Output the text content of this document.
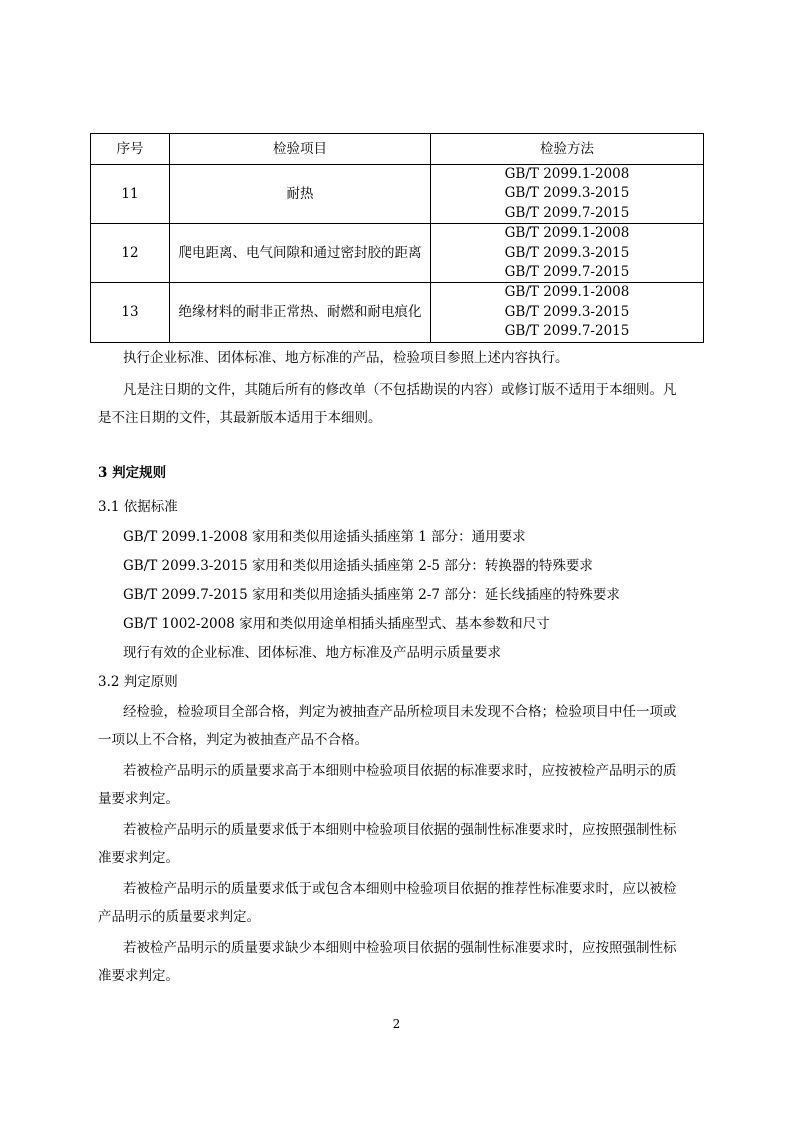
序号	检验项目	检验方法
11	耐热	GB/T 2099.1-2008
GB/T 2099.3-2015
GB/T 2099.7-2015

12	爬电距离、电气间隙和通过密封胶的距离	GB/T 2099.1-2008
GB/T 2099.3-2015
GB/T 2099.7-2015

13	绝缘材料的耐非正常热、耐燃和耐电痕化	GB/T 2099.1-2008
GB/T 2099.3-2015
GB/T 2099.7-2015
执行企业标准、团体标准、地方标准的产品，检验项目参照上述内容执行。
凡是注日期的文件，其随后所有的修改单（不包括勘误的内容）或修订版不适用于本细则。凡
是不注日期的文件，其最新版本适用于本细则。
3 判定规则
3.1 依据标准
GB/T 2099.1-2008 家用和类似用途插头插座第 1 部分：通用要求
GB/T 2099.3-2015 家用和类似用途插头插座第 2-5 部分：转换器的特殊要求
GB/T 2099.7-2015 家用和类似用途插头插座第 2-7 部分：延长线插座的特殊要求
GB/T 1002-2008 家用和类似用途单相插头插座型式、基本参数和尺寸
现行有效的企业标准、团体标准、地方标准及产品明示质量要求
3.2 判定原则
经检验，检验项目全部合格，判定为被抽查产品所检项目未发现不合格；检验项目中任一项或
一项以上不合格，判定为被抽查产品不合格。
若被检产品明示的质量要求高于本细则中检验项目依据的标准要求时，应按被检产品明示的质
量要求判定。
若被检产品明示的质量要求低于本细则中检验项目依据的强制性标准要求时，应按照强制性标
准要求判定。
若被检产品明示的质量要求低于或包含本细则中检验项目依据的推荐性标准要求时，应以被检
产品明示的质量要求判定。
若被检产品明示的质量要求缺少本细则中检验项目依据的强制性标准要求时，应按照强制性标
准要求判定。
2
